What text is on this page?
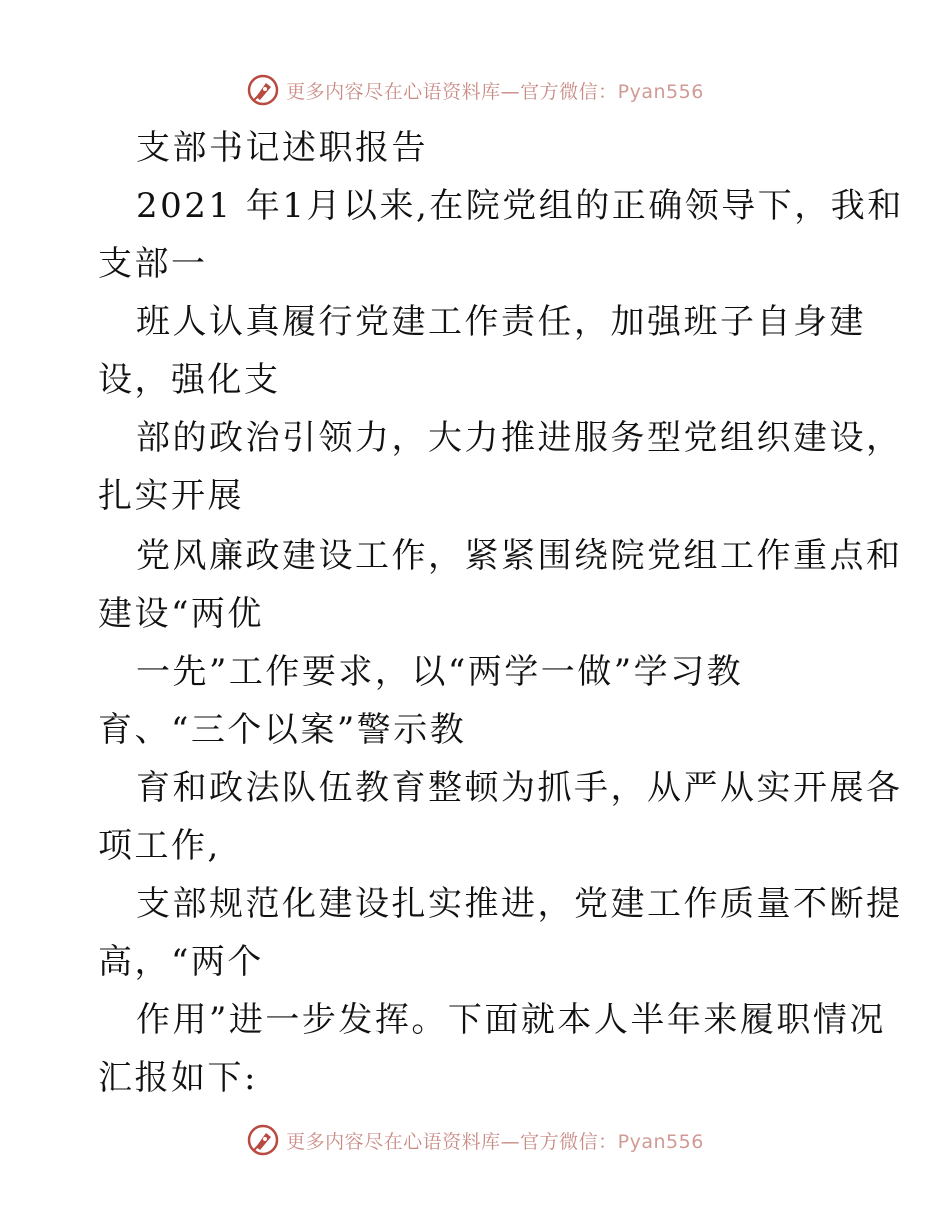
更多内容尽在心语资料库—官方微信：Pyan556
支部书记述职报告
2021 年1月以来,在院党组的正确领导下，我和
支部一
班人认真履行党建工作责任，加强班子自身建
设，强化支
部的政治引领力，大力推进服务型党组织建设，
扎实开展
党风廉政建设工作，紧紧围绕院党组工作重点和
建设“两优
一先”工作要求，以“两学一做”学习教
育、“三个以案”警示教
育和政法队伍教育整顿为抓手，从严从实开展各
项工作,
支部规范化建设扎实推进，党建工作质量不断提
高，“两个
作用”进一步发挥。下面就本人半年来履职情况
汇报如下:
更多内容尽在心语资料库—官方微信：Pyan556
